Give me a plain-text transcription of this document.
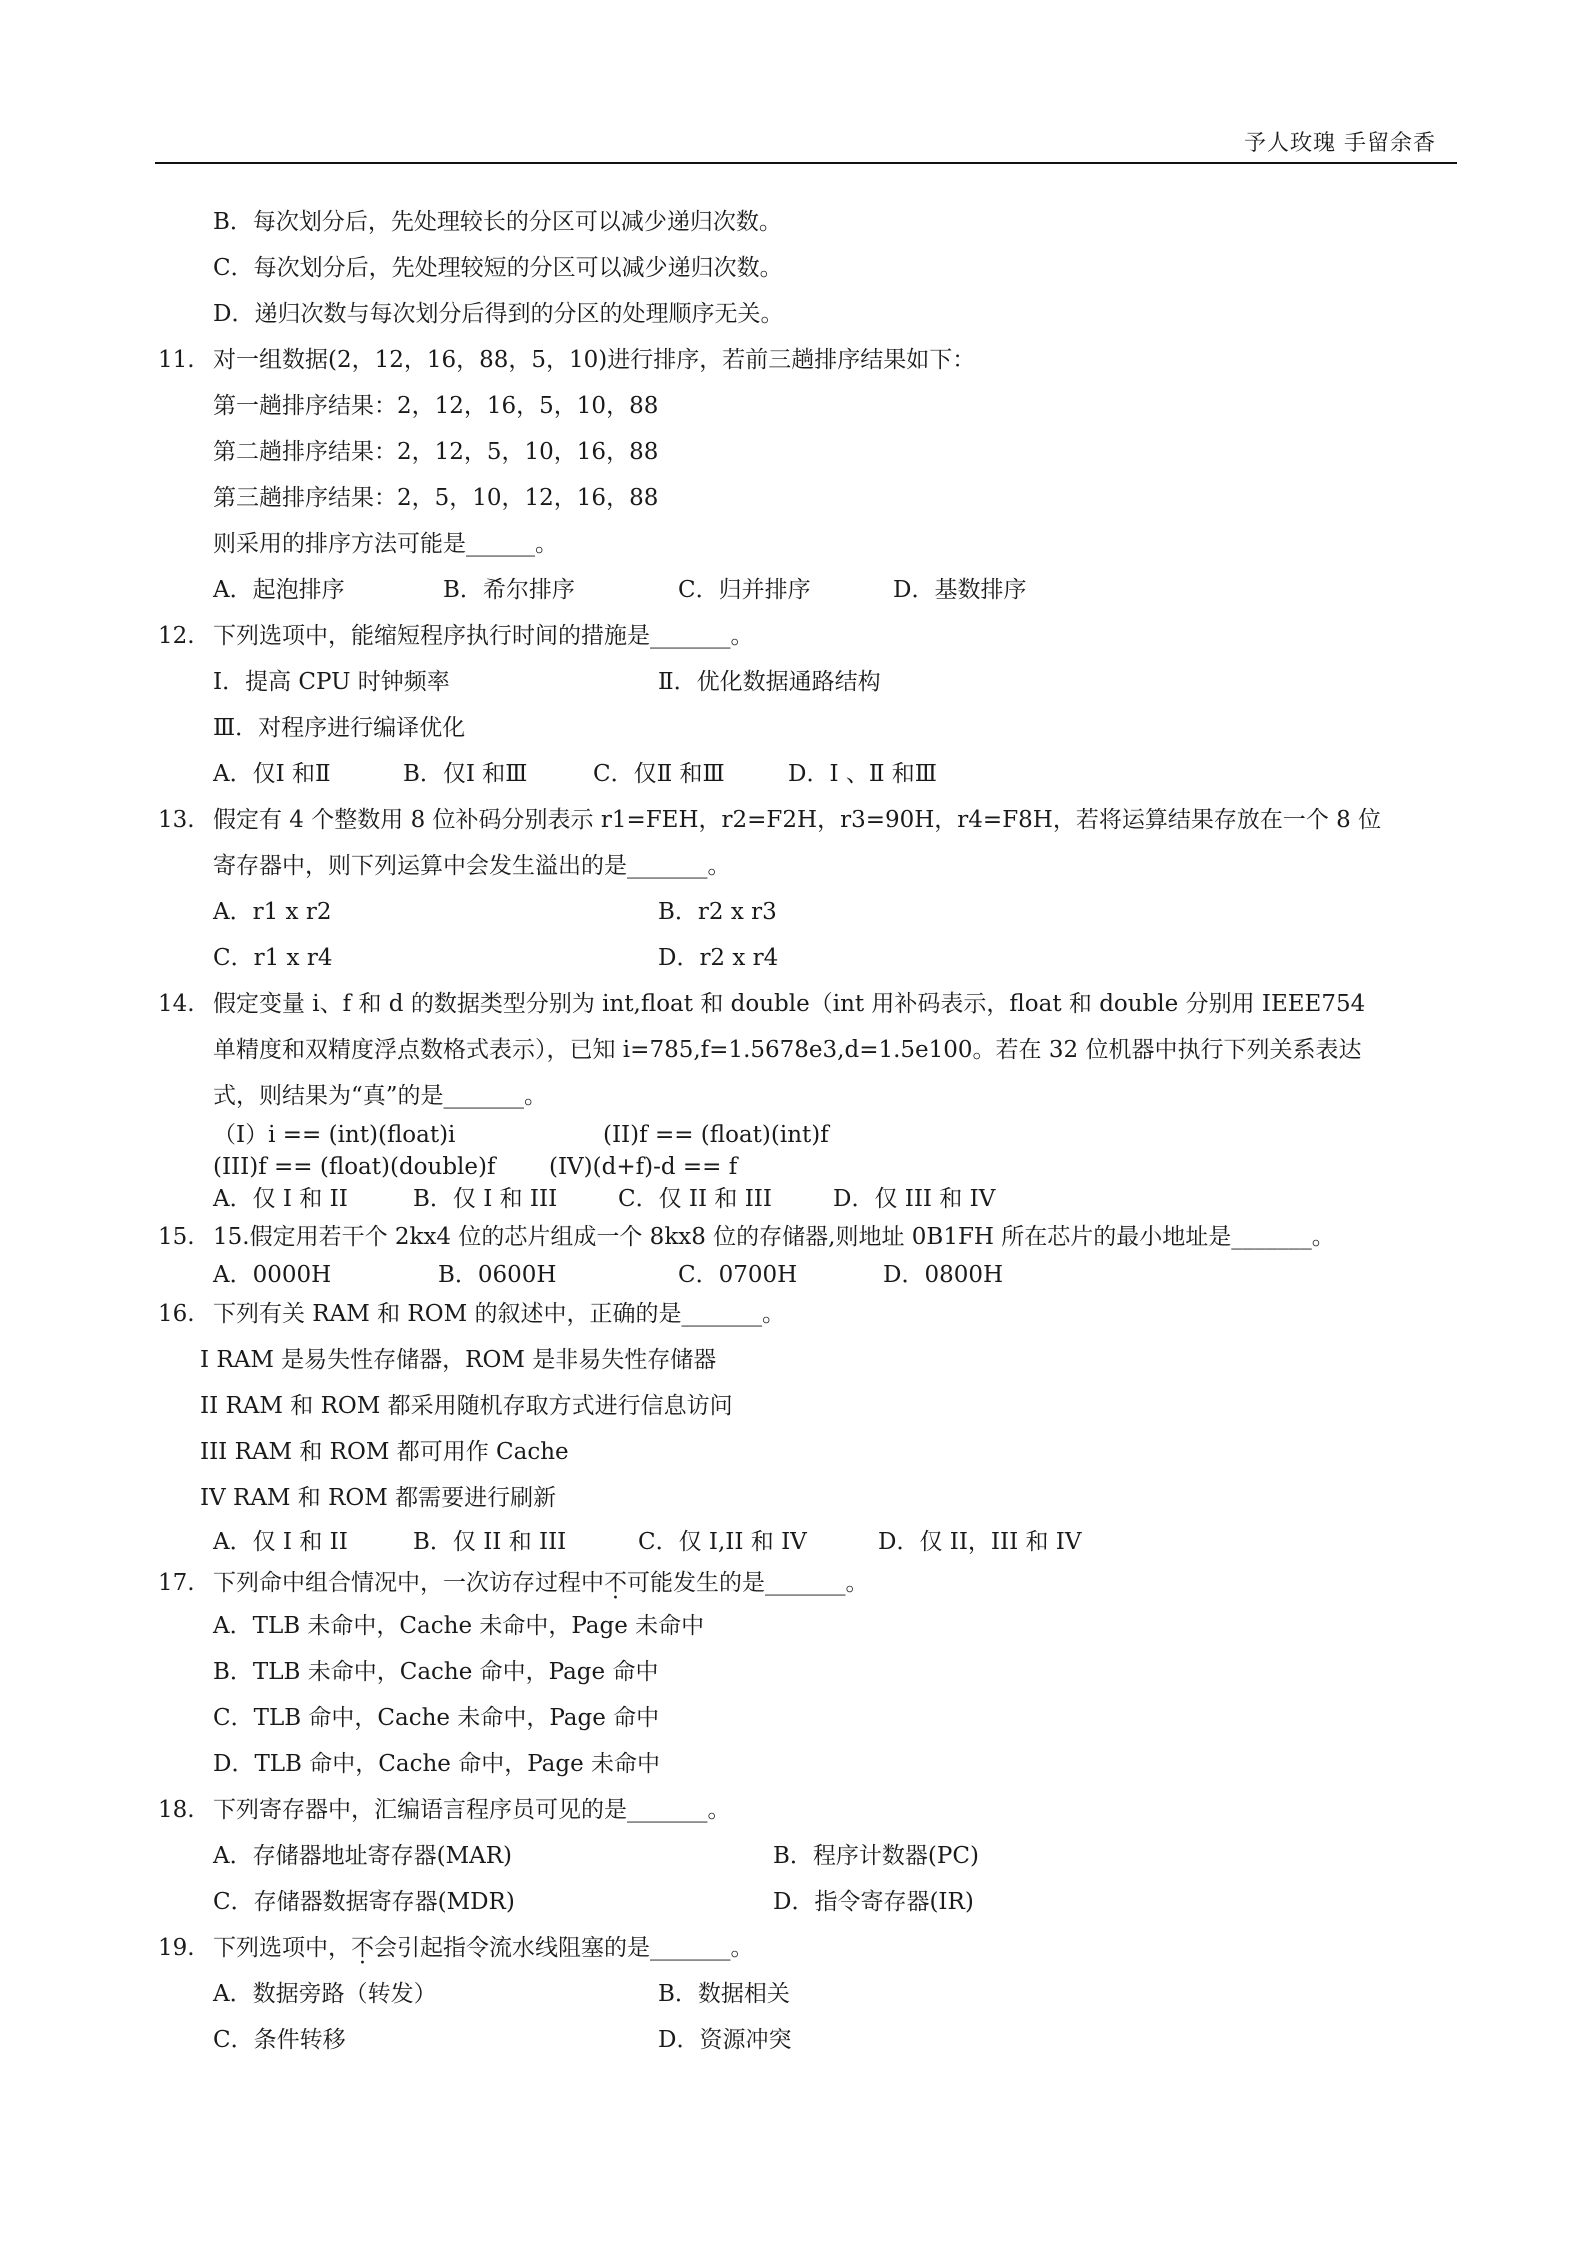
予人玫瑰 手留余香
B．每次划分后，先处理较长的分区可以减少递归次数。
C．每次划分后，先处理较短的分区可以减少递归次数。
D．递归次数与每次划分后得到的分区的处理顺序无关。
11. 对一组数据(2，12，16，88，5，10)进行排序，若前三趟排序结果如下：
第一趟排序结果：2，12，16，5，10，88
第二趟排序结果：2，12，5，10，16，88
第三趟排序结果：2，5，10，12，16，88
则采用的排序方法可能是______。
A．起泡排序	B．希尔排序	C．归并排序	D．基数排序
12. 下列选项中，能缩短程序执行时间的措施是_______。
Ⅰ．提高 CPU 时钟频率	Ⅱ．优化数据通路结构
Ⅲ．对程序进行编译优化
A．仅Ⅰ 和Ⅱ	B．仅Ⅰ 和Ⅲ	C．仅Ⅱ 和Ⅲ	D．Ⅰ 、Ⅱ 和Ⅲ
13. 假定有 4 个整数用 8 位补码分别表示 r1=FEH，r2=F2H，r3=90H，r4=F8H，若将运算结果存放在一个 8 位
寄存器中，则下列运算中会发生溢出的是_______。
A．r1 x r2	B．r2 x r3
C．r1 x r4	D．r2 x r4
14. 假定变量 i、f 和 d 的数据类型分别为 int,float 和 double（int 用补码表示，float 和 double 分别用 IEEE754
单精度和双精度浮点数格式表示），已知 i=785,f=1.5678e3,d=1.5e100。若在 32 位机器中执行下列关系表达
式，则结果为“真”的是_______。
（I）i == (int)(float)i	(II)f == (float)(int)f
(III)f == (float)(double)f (IV)(d+f)-d == f
A．仅 I 和 II	B．仅 I 和 III	C．仅 II 和 III	D．仅 III 和 IV
15. 15.假定用若干个 2kx4 位的芯片组成一个 8kx8 位的存储器,则地址 0B1FH 所在芯片的最小地址是_______。
A．0000H	B．0600H	C．0700H	D．0800H
16. 下列有关 RAM 和 ROM 的叙述中，正确的是_______。
I RAM 是易失性存储器，ROM 是非易失性存储器
II RAM 和 ROM 都采用随机存取方式进行信息访问
III RAM 和 ROM 都可用作 Cache
IV RAM 和 ROM 都需要进行刷新
A．仅 I 和 II	B．仅 II 和 III	C．仅 I,II 和 IV	D．仅 II，III 和 IV
17. 下列命中组合情况中，一次访存过程中不可能发生的是_______。
A．TLB 未命中，Cache 未命中，Page 未命中
B．TLB 未命中，Cache 命中，Page 命中
C．TLB 命中，Cache 未命中，Page 命中
D．TLB 命中，Cache 命中，Page 未命中
18. 下列寄存器中，汇编语言程序员可见的是_______。
A．存储器地址寄存器(MAR)	B．程序计数器(PC)
C．存储器数据寄存器(MDR)	D．指令寄存器(IR)
19. 下列选项中，不会引起指令流水线阻塞的是_______。
A．数据旁路（转发）	B．数据相关
C．条件转移	D．资源冲突
